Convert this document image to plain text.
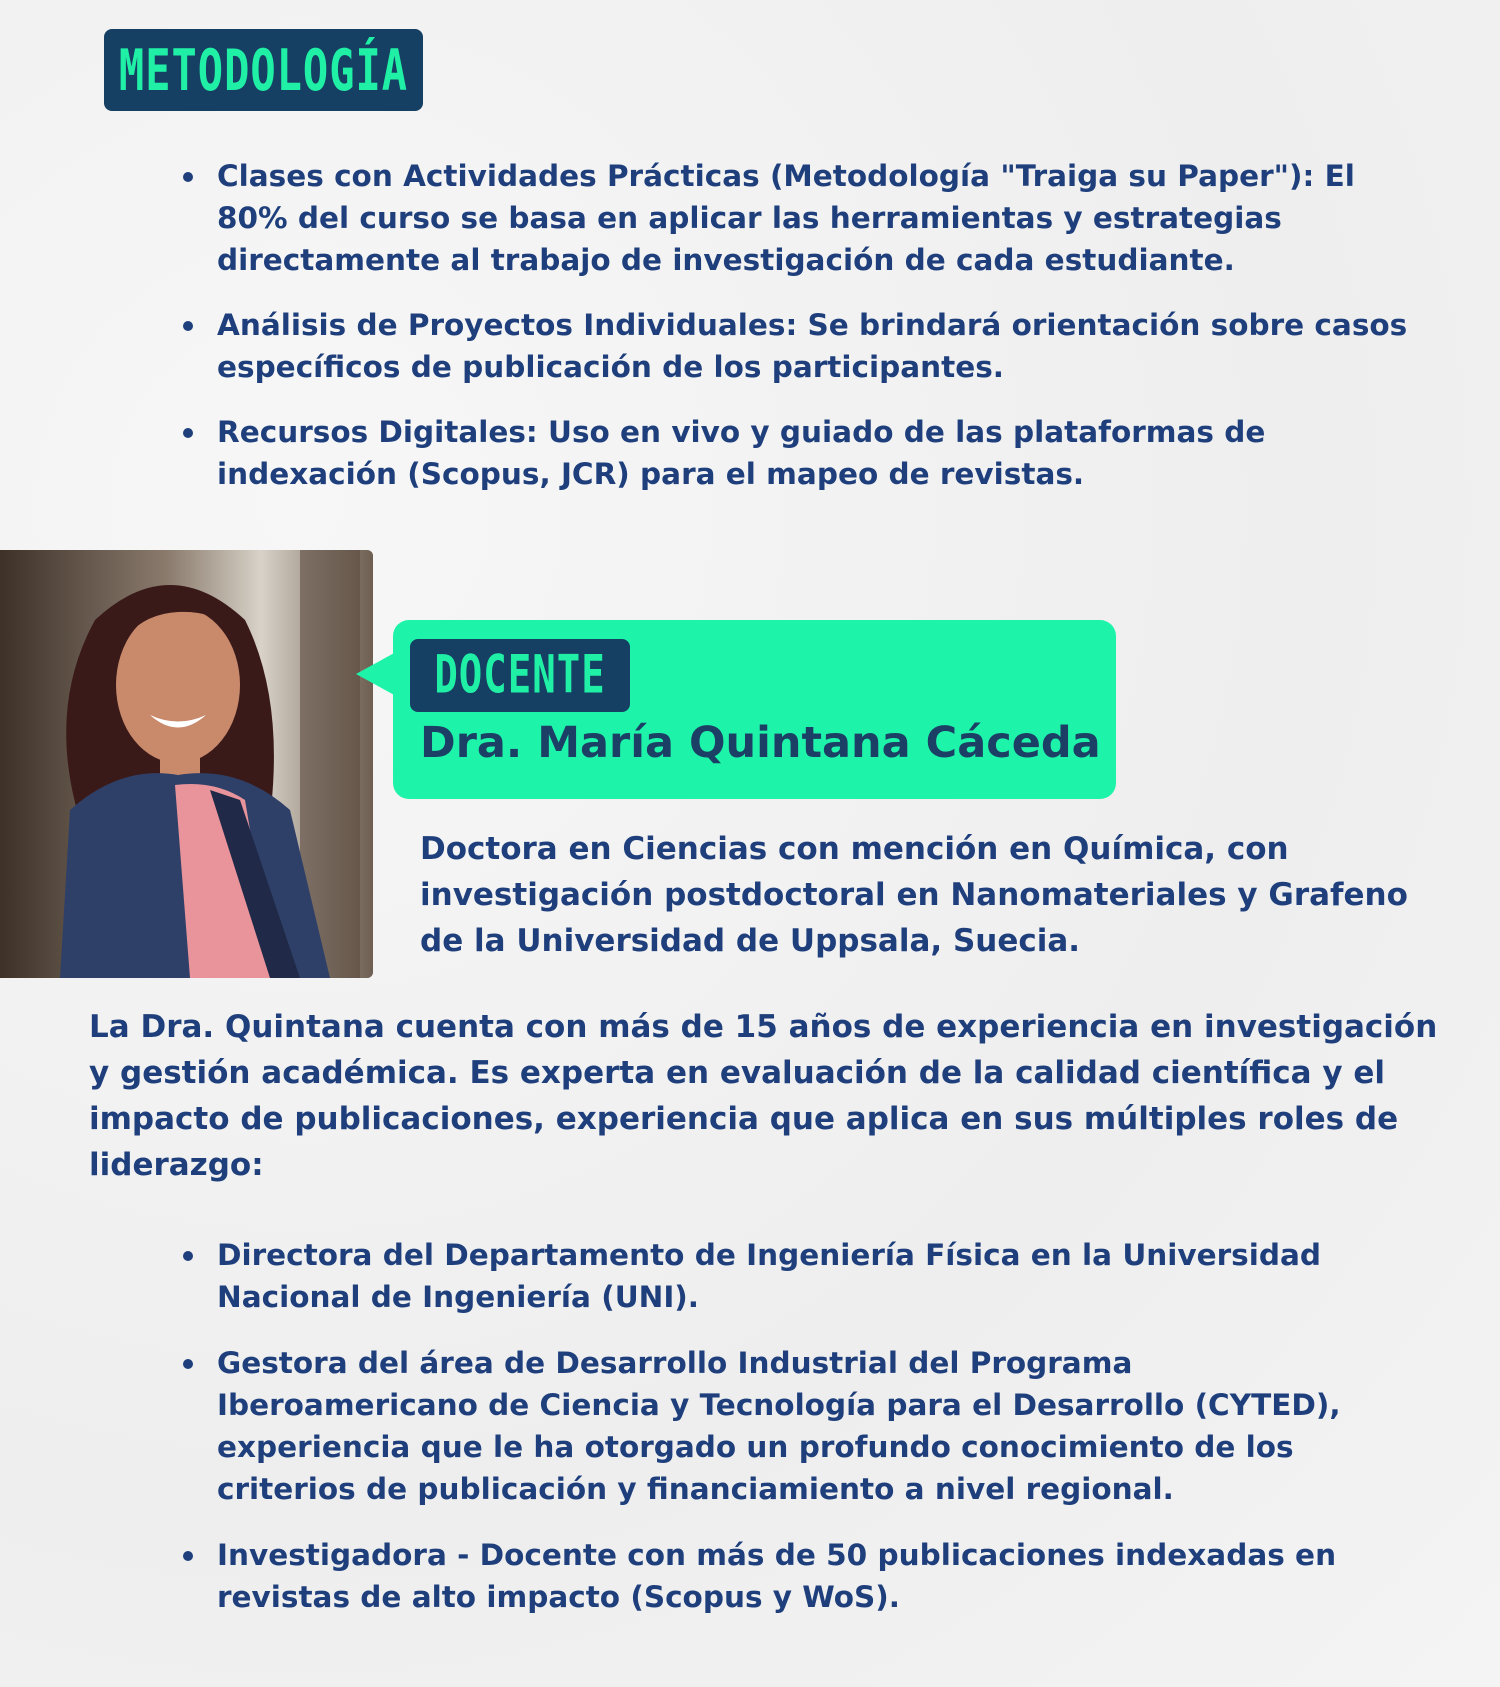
METODOLOGÍA
Clases con Actividades Prácticas (Metodología "Traiga su Paper"): El 80% del curso se basa en aplicar las herramientas y estrategias directamente al trabajo de investigación de cada estudiante.
Análisis de Proyectos Individuales: Se brindará orientación sobre casos específicos de publicación de los participantes.
Recursos Digitales: Uso en vivo y guiado de las plataformas de indexación (Scopus, JCR) para el mapeo de revistas.
DOCENTE
Dra. María Quintana Cáceda
Doctora en Ciencias con mención en Química, con investigación postdoctoral en Nanomateriales y Grafeno de la Universidad de Uppsala, Suecia.
La Dra. Quintana cuenta con más de 15 años de experiencia en investigación y gestión académica. Es experta en evaluación de la calidad científica y el impacto de publicaciones, experiencia que aplica en sus múltiples roles de liderazgo:
Directora del Departamento de Ingeniería Física en la Universidad Nacional de Ingeniería (UNI).
Gestora del área de Desarrollo Industrial del Programa Iberoamericano de Ciencia y Tecnología para el Desarrollo (CYTED), experiencia que le ha otorgado un profundo conocimiento de los criterios de publicación y financiamiento a nivel regional.
Investigadora - Docente con más de 50 publicaciones indexadas en revistas de alto impacto (Scopus y WoS).
